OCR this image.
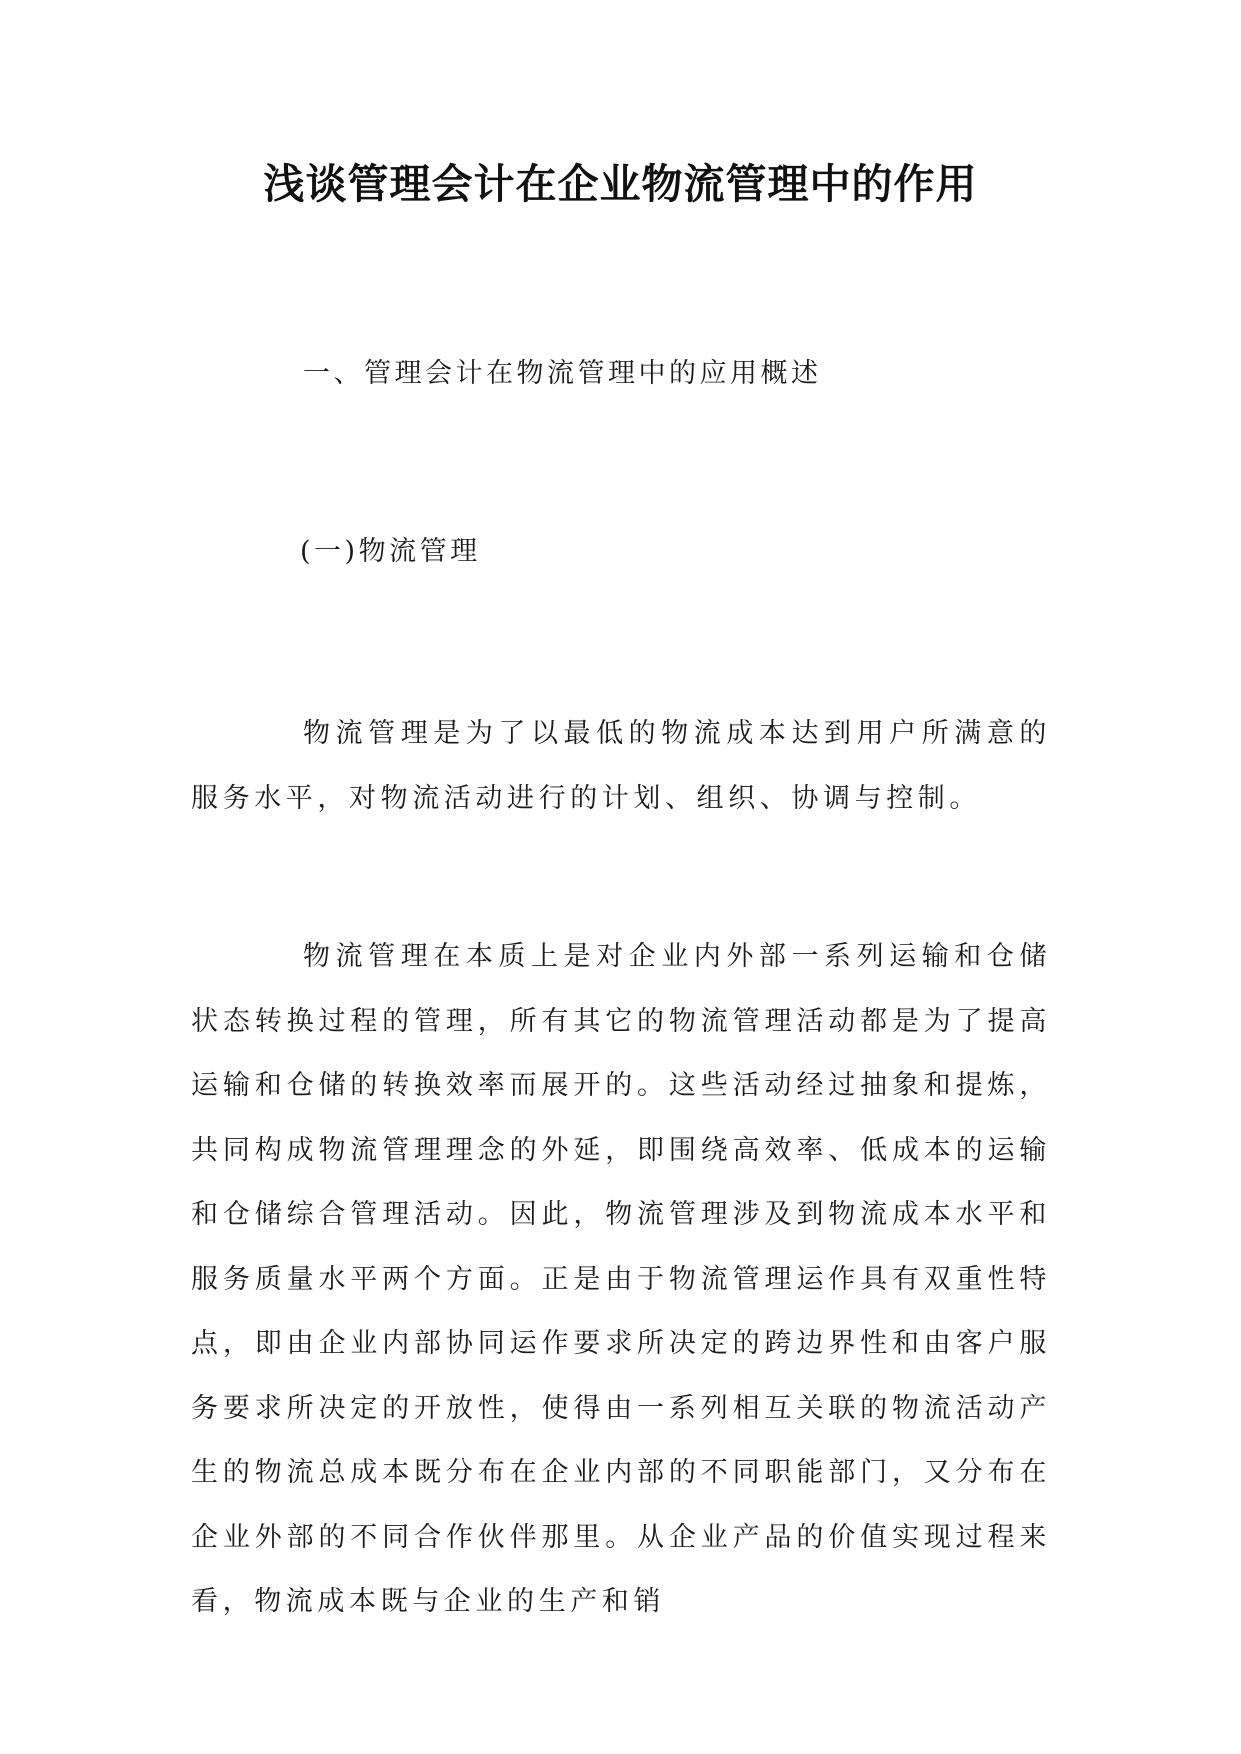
浅谈管理会计在企业物流管理中的作用
一、管理会计在物流管理中的应用概述
(一)物流管理

物流管理是为了以最低的物流成本达到用户所满意的服务水平，对物流活动进行的计划、组织、协调与控制。

物流管理在本质上是对企业内外部一系列运输和仓储状态转换过程的管理，所有其它的物流管理活动都是为了提高运输和仓储的转换效率而展开的。这些活动经过抽象和提炼，共同构成物流管理理念的外延，即围绕高效率、低成本的运输和仓储综合管理活动。因此，物流管理涉及到物流成本水平和服务质量水平两个方面。正是由于物流管理运作具有双重性特点，即由企业内部协同运作要求所决定的跨边界性和由客户服务要求所决定的开放性，使得由一系列相互关联的物流活动产生的物流总成本既分布在企业内部的不同职能部门，又分布在企业外部的不同合作伙伴那里。从企业产品的价值实现过程来看，物流成本既与企业的生产和销
